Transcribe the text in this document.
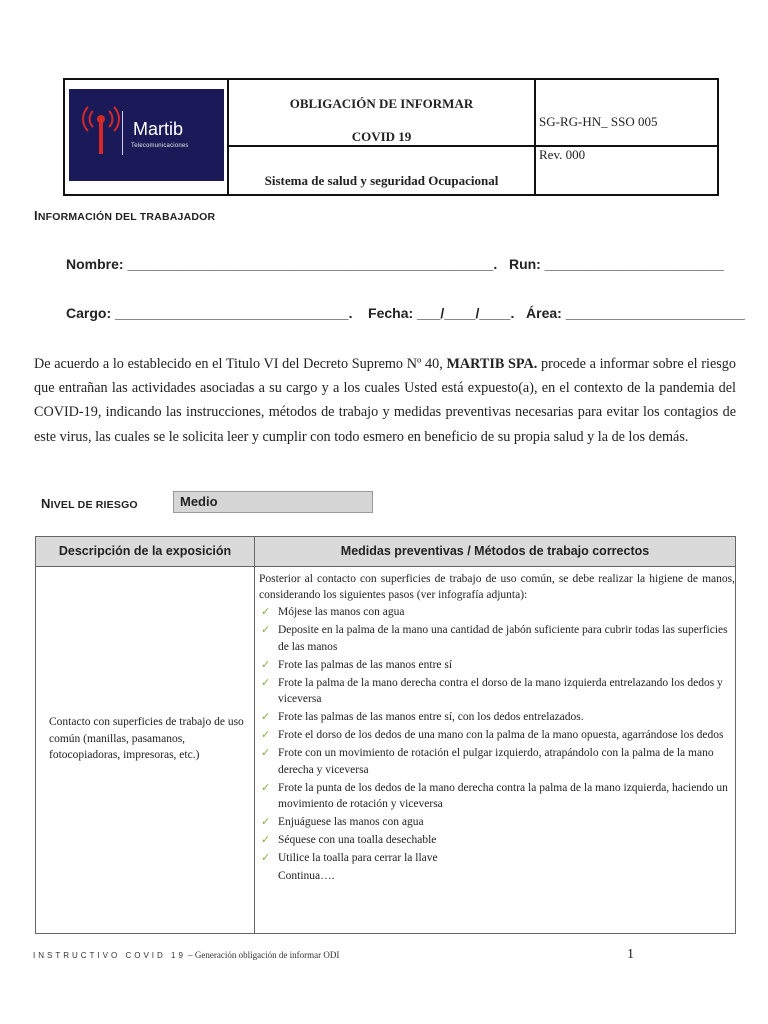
Martib
Telecomunicaciones
OBLIGACIÓN DE INFORMAR
COVID 19
Sistema de salud y seguridad Ocupacional
SG-RG-HN_ SSO 005
Rev. 000
INFORMACIÓN DEL TRABAJADOR
Nombre: _______________________________________________.   Run: _______________________
Cargo: ______________________________.    Fecha: ___/____/____.   Área: _______________________
De acuerdo a lo establecido en el Titulo VI del Decreto Supremo Nº 40, MARTIB SPA. procede a informar sobre el riesgo que entrañan las actividades asociadas a su cargo y a los cuales Usted está expuesto(a), en el contexto de la pandemia del COVID-19, indicando las instrucciones, métodos de trabajo y medidas preventivas necesarias para evitar los contagios de este virus, las cuales se le solicita leer y cumplir con todo esmero en beneficio de su propia salud y la de los demás.
NIVEL DE RIESGO	Medio
Descripción de la exposición	Medidas preventivas / Métodos de trabajo correctos
Contacto con superficies de trabajo de uso común (manillas, pasamanos, fotocopiadoras, impresoras, etc.)
Posterior al contacto con superficies de trabajo de uso común, se debe realizar la higiene de manos, considerando los siguientes pasos (ver infografía adjunta):
✓ Mójese las manos con agua
✓ Deposite en la palma de la mano una cantidad de jabón suficiente para cubrir todas las superficies de las manos
✓ Frote las palmas de las manos entre sí
✓ Frote la palma de la mano derecha contra el dorso de la mano izquierda entrelazando los dedos y viceversa
✓ Frote las palmas de las manos entre sí, con los dedos entrelazados.
✓ Frote el dorso de los dedos de una mano con la palma de la mano opuesta, agarrándose los dedos
✓ Frote con un movimiento de rotación el pulgar izquierdo, atrapándolo con la palma de la mano derecha y viceversa
✓ Frote la punta de los dedos de la mano derecha contra la palma de la mano izquierda, haciendo un movimiento de rotación y viceversa
✓ Enjuáguese las manos con agua
✓ Séquese con una toalla desechable
✓ Utilice la toalla para cerrar la llave
Continua….
INSTRUCTIVO COVID 19 – Generación obligación de informar ODI	1
